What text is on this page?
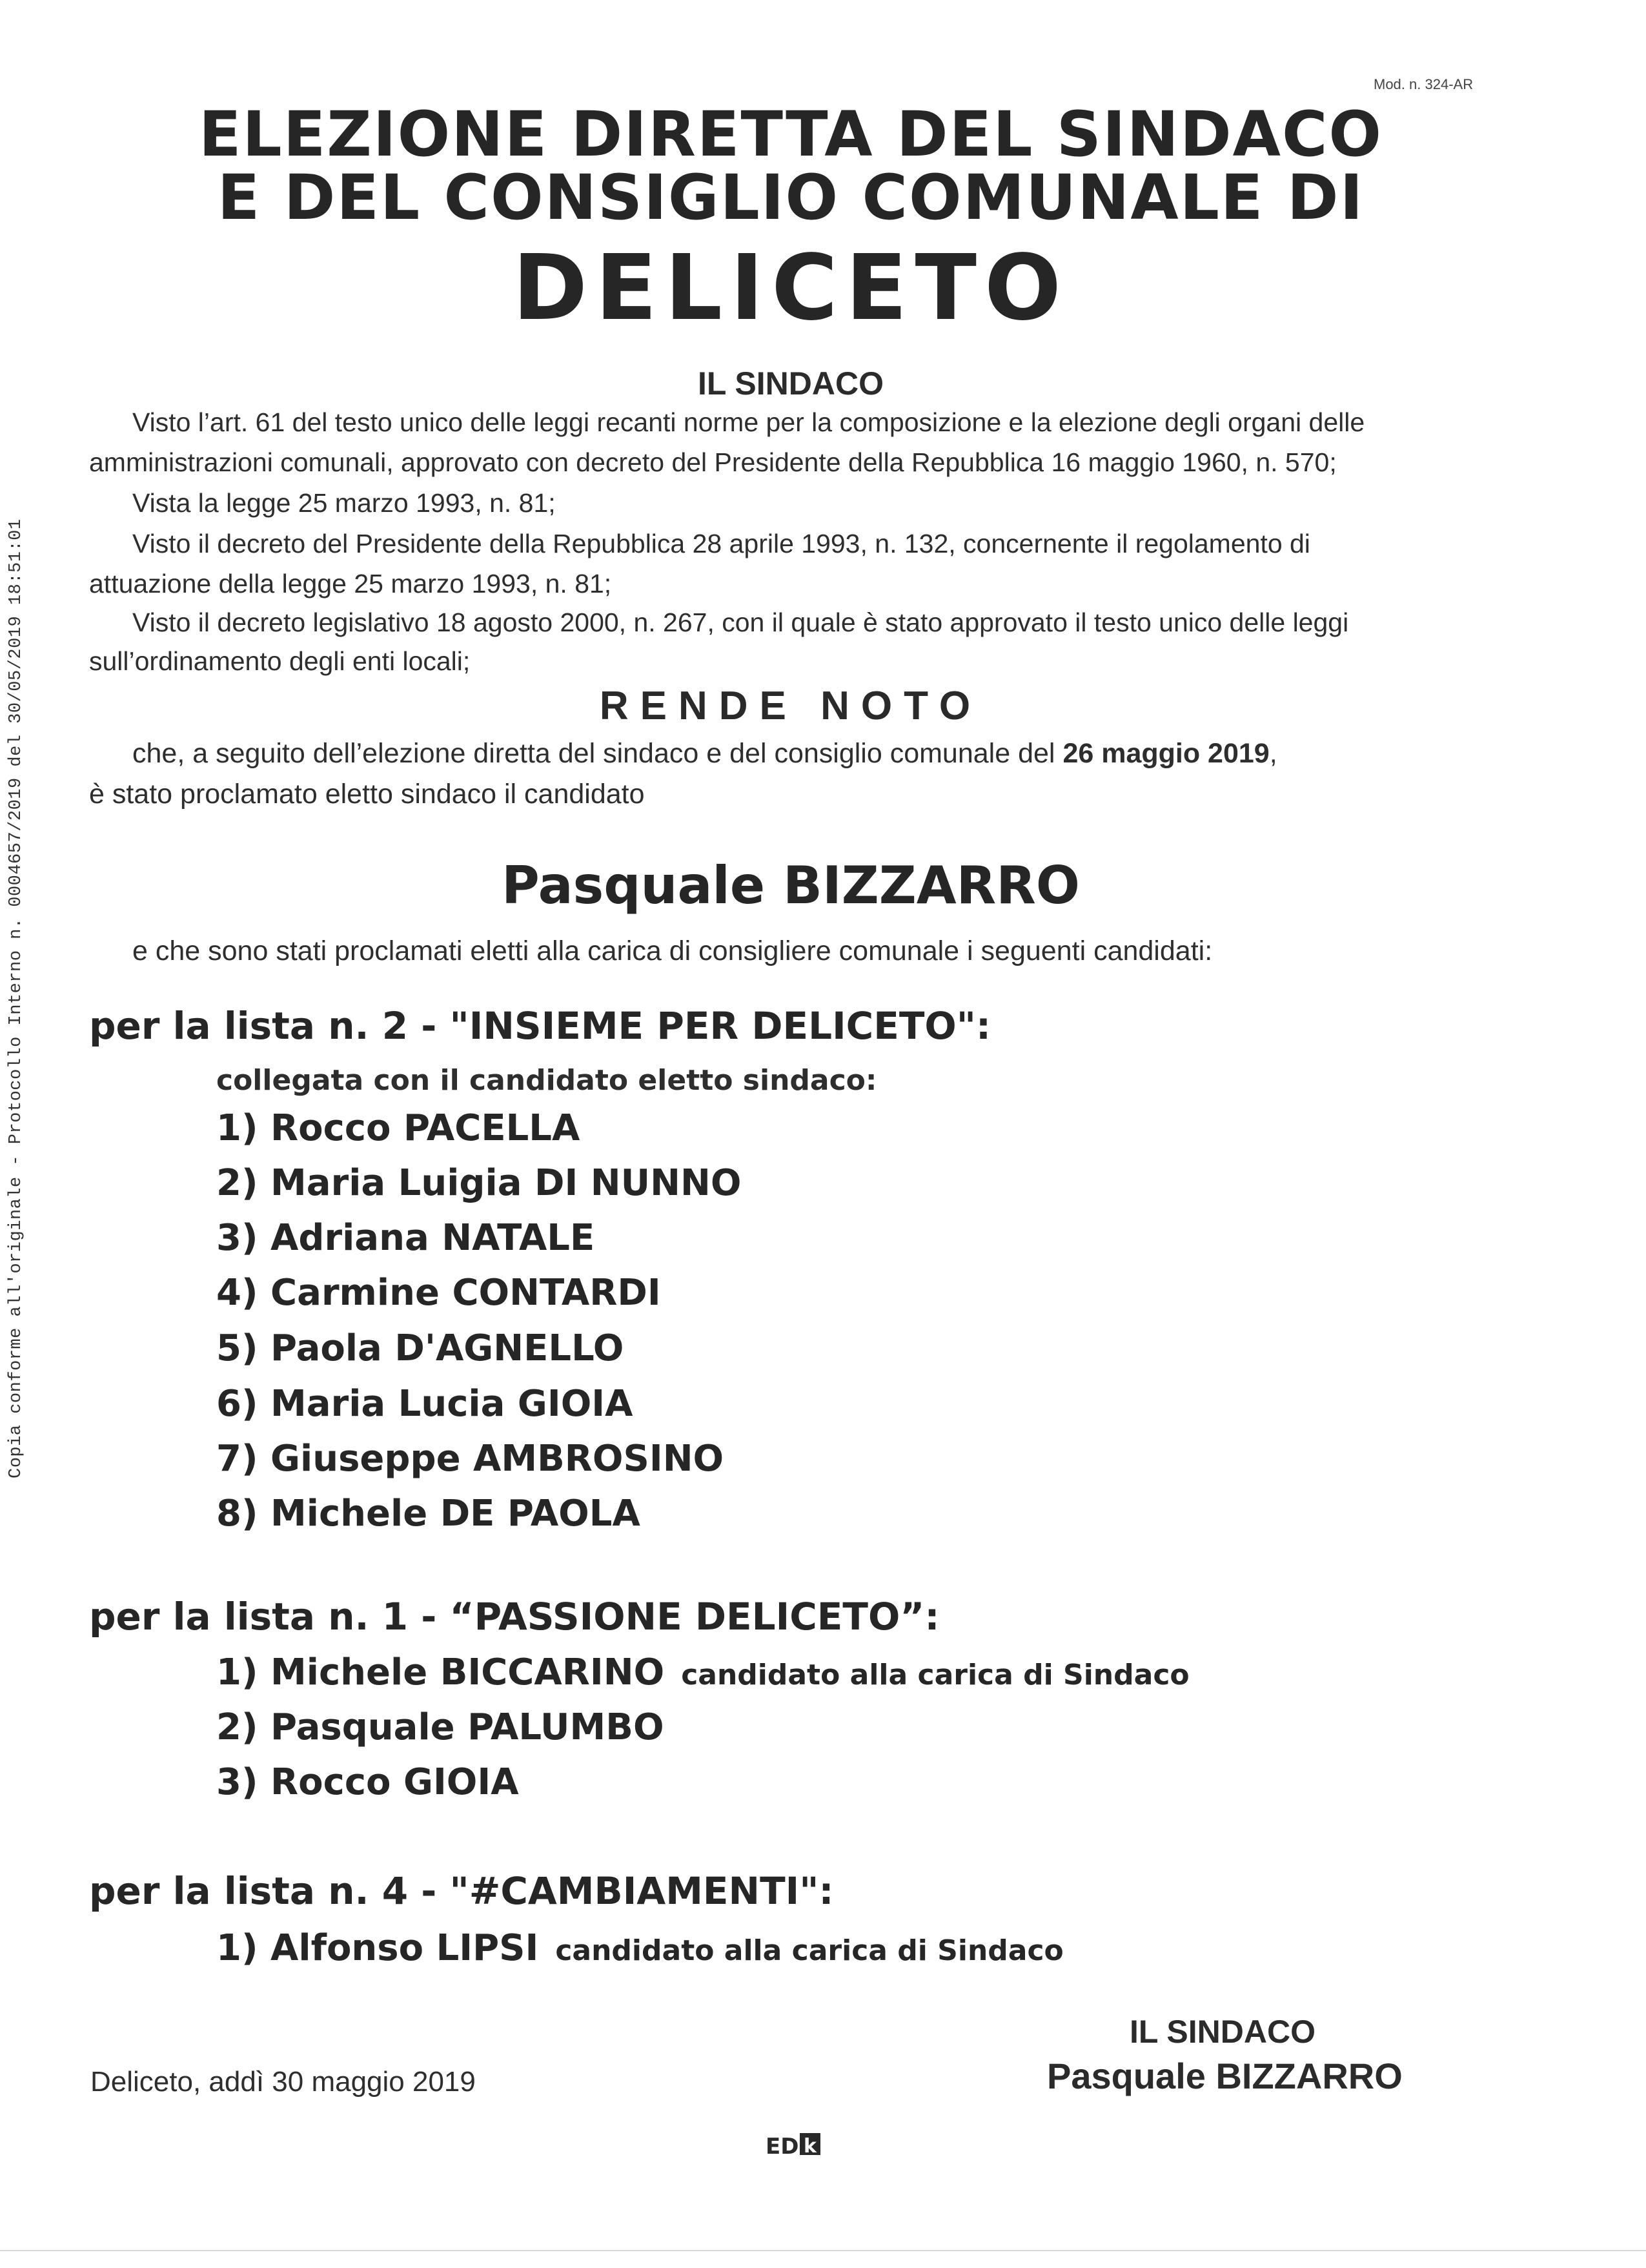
Copia conforme all'originale - Protocollo Interno n. 0004657/2019 del 30/05/2019 18:51:01
Mod. n. 324-AR
ELEZIONE DIRETTA DEL SINDACO
E DEL CONSIGLIO COMUNALE DI
DELICETO
IL SINDACO
Visto l’art. 61 del testo unico delle leggi recanti norme per la composizione e la elezione degli organi delle
amministrazioni comunali, approvato con decreto del Presidente della Repubblica 16 maggio 1960, n. 570;
Vista la legge 25 marzo 1993, n. 81;
Visto il decreto del Presidente della Repubblica 28 aprile 1993, n. 132, concernente il regolamento di
attuazione della legge 25 marzo 1993, n. 81;
Visto il decreto legislativo 18 agosto 2000, n. 267, con il quale è stato approvato il testo unico delle leggi
sull’ordinamento degli enti locali;
RENDE NOTO
che, a seguito dell’elezione diretta del sindaco e del consiglio comunale del 26 maggio 2019,
è stato proclamato eletto sindaco il candidato
Pasquale BIZZARRO
e che sono stati proclamati eletti alla carica di consigliere comunale i seguenti candidati:
per la lista n. 2 - "INSIEME PER DELICETO":
collegata con il candidato eletto sindaco:
1) Rocco PACELLA
2) Maria Luigia DI NUNNO
3) Adriana NATALE
4) Carmine CONTARDI
5) Paola D'AGNELLO
6) Maria Lucia GIOIA
7) Giuseppe AMBROSINO
8) Michele DE PAOLA
per la lista n. 1 - “PASSIONE DELICETO”:
1) Michele BICCARINO candidato alla carica di Sindaco
2) Pasquale PALUMBO
3) Rocco GIOIA
per la lista n. 4 - "#CAMBIAMENTI":
1) Alfonso LIPSI candidato alla carica di Sindaco
Deliceto, addì 30 maggio 2019
IL SINDACO
Pasquale BIZZARRO
ED k
